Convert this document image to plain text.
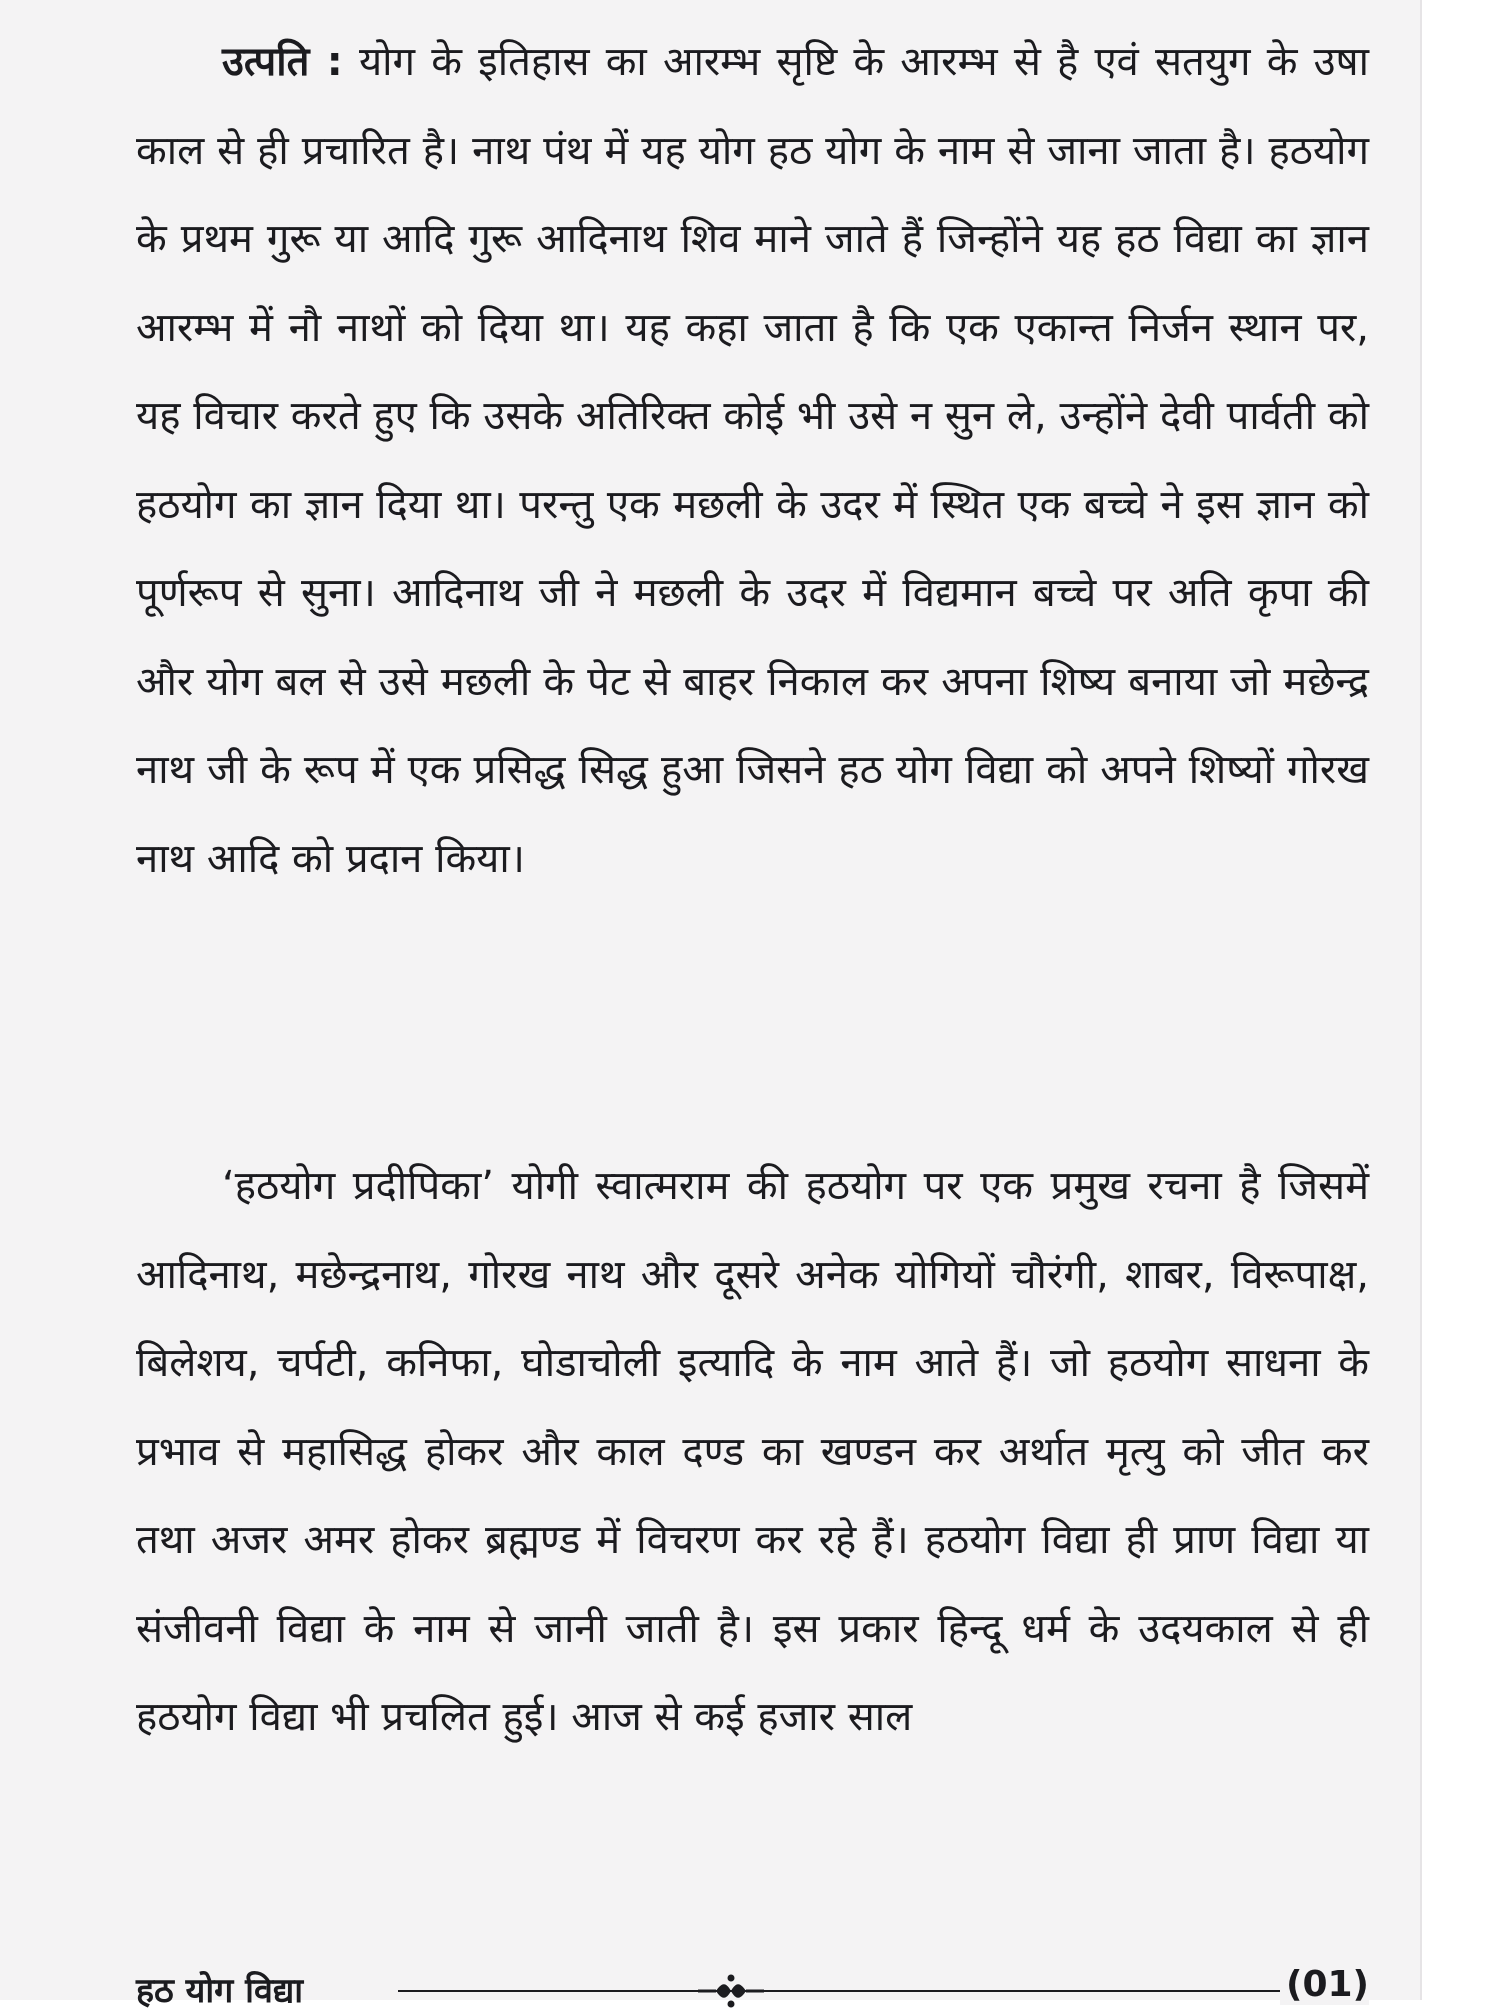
उत्पति : योग के इतिहास का आरम्भ सृष्टि के आरम्भ से है एवं सतयुग के उषा काल से ही प्रचारित है। नाथ पंथ में यह योग हठ योग के नाम से जाना जाता है। हठयोग के प्रथम गुरू या आदि गुरू आदिनाथ शिव माने जाते हैं जिन्होंने यह हठ विद्या का ज्ञान आरम्भ में नौ नाथों को दिया था। यह कहा जाता है कि एक एकान्त निर्जन स्थान पर, यह विचार करते हुए कि उसके अतिरिक्त कोई भी उसे न सुन ले, उन्होंने देवी पार्वती को हठयोग का ज्ञान दिया था। परन्तु एक मछली के उदर में स्थित एक बच्चे ने इस ज्ञान को पूर्णरूप से सुना। आदिनाथ जी ने मछली के उदर में विद्यमान बच्चे पर अति कृपा की और योग बल से उसे मछली के पेट से बाहर निकाल कर अपना शिष्य बनाया जो मछेन्द्र नाथ जी के रूप में एक प्रसिद्ध सिद्ध हुआ जिसने हठ योग विद्या को अपने शिष्यों गोरख नाथ आदि को प्रदान किया।

‘हठयोग प्रदीपिका’ योगी स्वात्मराम की हठयोग पर एक प्रमुख रचना है जिसमें आदिनाथ, मछेन्द्रनाथ, गोरख नाथ और दूसरे अनेक योगियों चौरंगी, शाबर, विरूपाक्ष, बिलेशय, चर्पटी, कनिफा, घोडाचोली इत्यादि के नाम आते हैं। जो हठयोग साधना के प्रभाव से महासिद्ध होकर और काल दण्ड का खण्डन कर अर्थात मृत्यु को जीत कर तथा अजर अमर होकर ब्रह्मण्ड में विचरण कर रहे हैं। हठयोग विद्या ही प्राण विद्या या संजीवनी विद्या के नाम से जानी जाती है। इस प्रकार हिन्दू धर्म के उदयकाल से ही हठयोग विद्या भी प्रचलित हुई। आज से कई हजार साल

हठ योग विद्या	(01)
